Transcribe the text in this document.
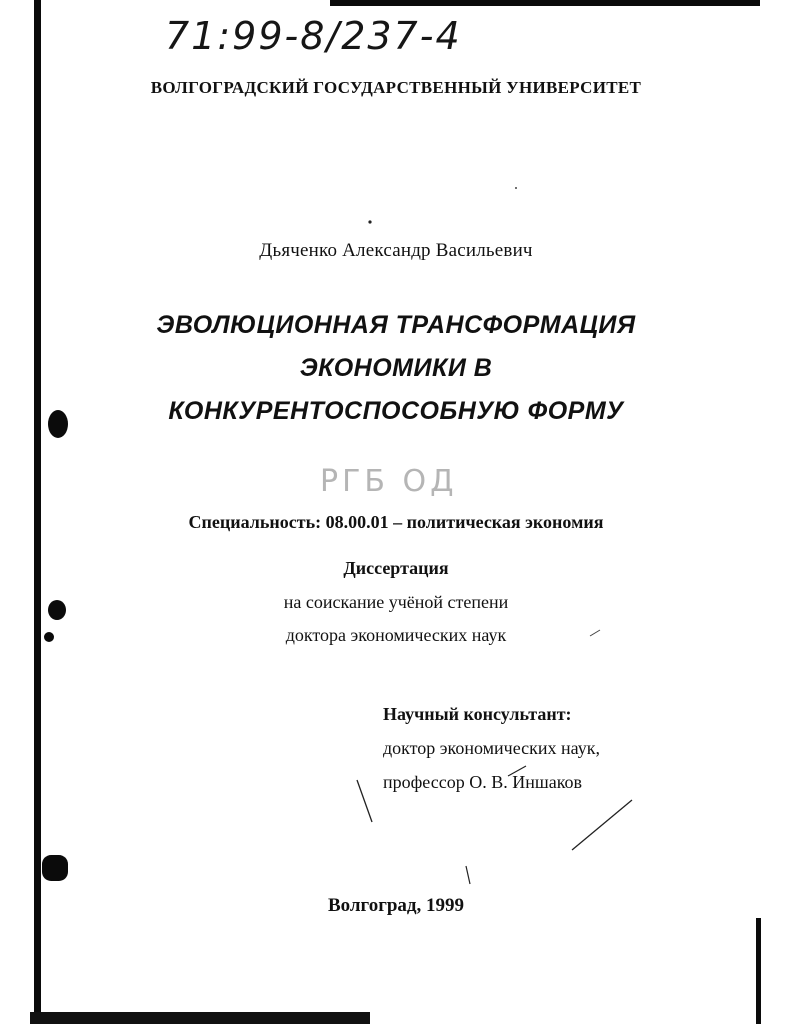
71:99-8/237-4
ВОЛГОГРАДСКИЙ ГОСУДАРСТВЕННЫЙ УНИВЕРСИТЕТ
Дьяченко Александр Васильевич
ЭВОЛЮЦИОННАЯ ТРАНСФОРМАЦИЯ
ЭКОНОМИКИ В
КОНКУРЕНТОСПОСОБНУЮ ФОРМУ
РГБ ОД
Специальность: 08.00.01 – политическая экономия
Диссертация
на соискание учёной степени
доктора экономических наук
Научный консультант:
доктор экономических наук,
профессор О. В. Иншаков
Волгоград, 1999
